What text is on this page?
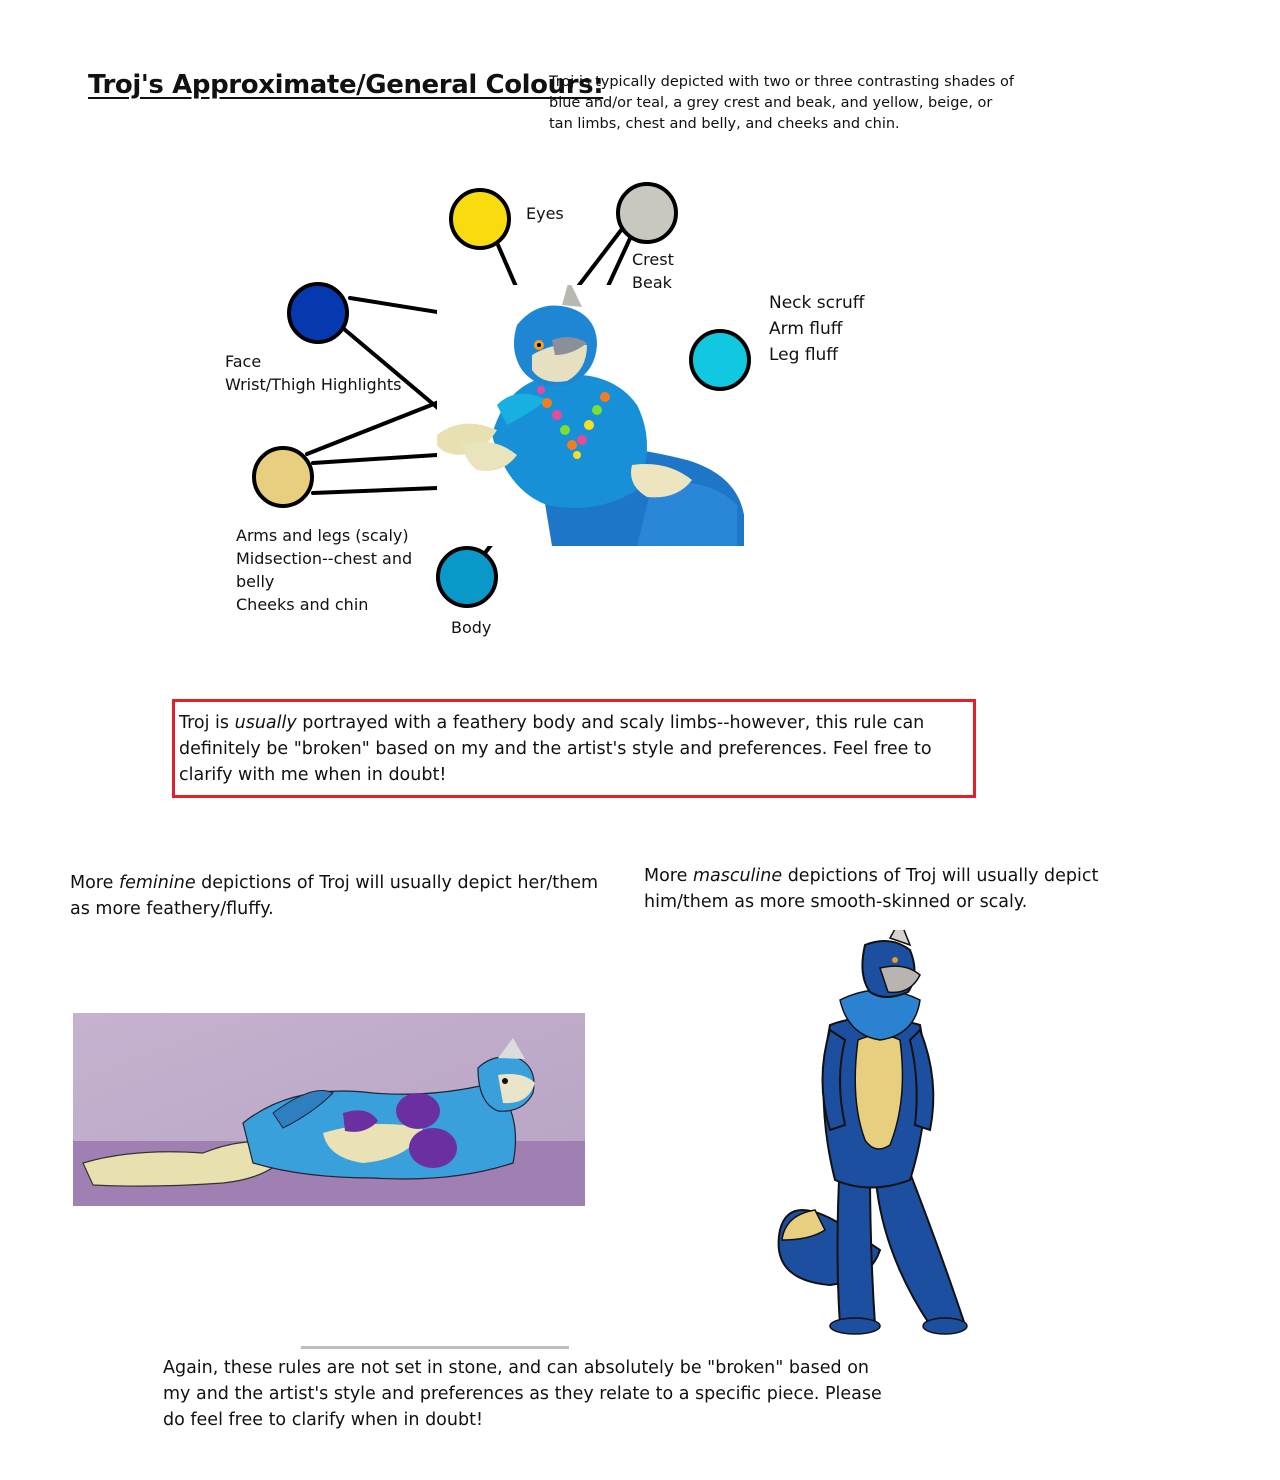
Troj's Approximate/General Colours:
Troj is typically depicted with two or three contrasting shades of blue and/or teal, a grey crest and beak, and yellow, beige, or tan limbs, chest and belly, and cheeks and chin.
Eyes
Crest
Beak
Face
Wrist/Thigh Highlights
Neck scruff
Arm fluff
Leg fluff
Arms and legs (scaly)
Midsection--chest and
belly
Cheeks and chin
Body
Troj is usually portrayed with a feathery body and scaly limbs--however, this rule can definitely be "broken" based on my and the artist's style and preferences. Feel free to clarify with me when in doubt!
More feminine depictions of Troj will usually depict her/them as more feathery/fluffy.
More masculine depictions of Troj will usually depict him/them as more smooth-skinned or scaly.
Again, these rules are not set in stone, and can absolutely be "broken" based on my and the artist's style and preferences as they relate to a specific piece. Please do feel free to clarify when in doubt!
